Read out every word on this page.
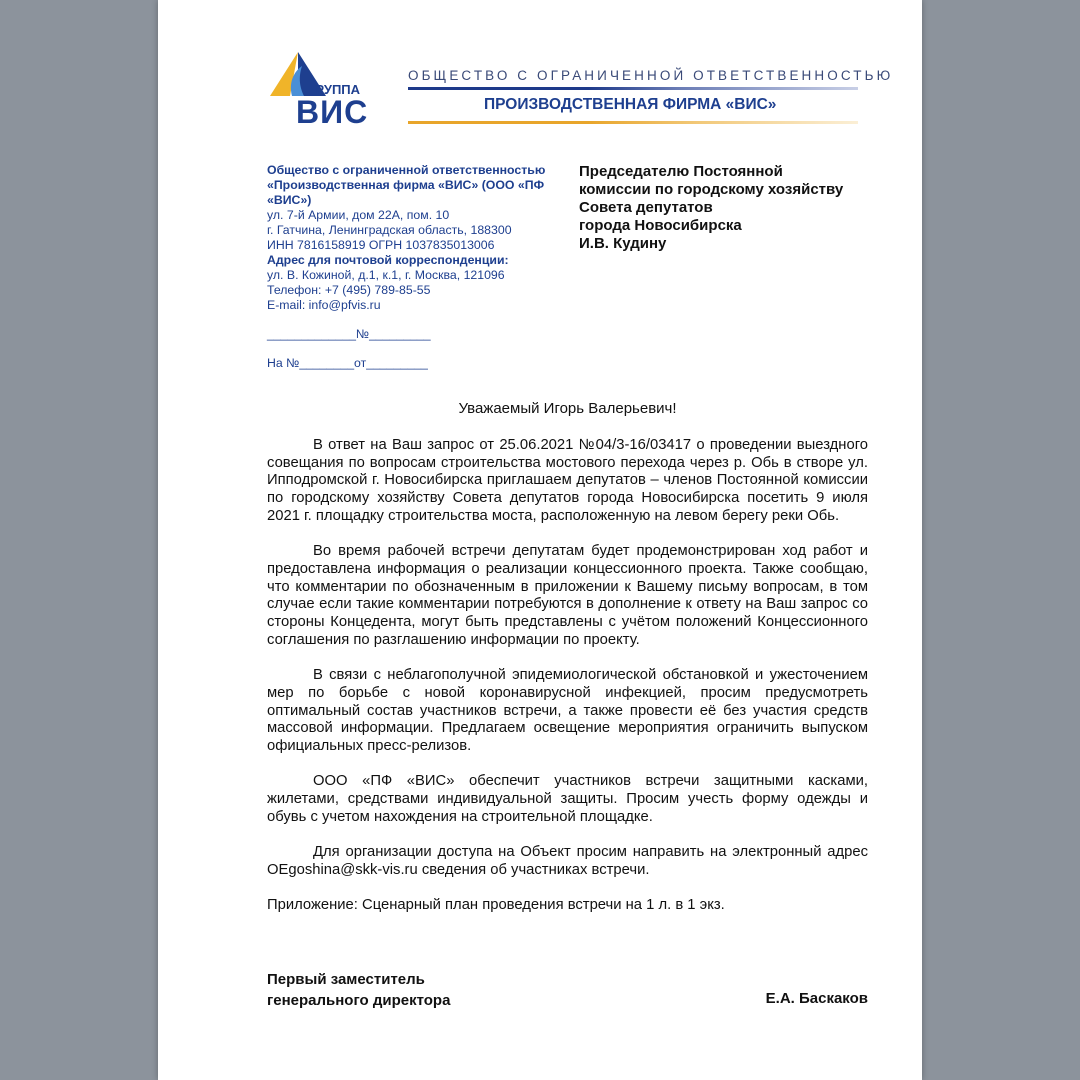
ГРУППА
ВИС
ОБЩЕСТВО С ОГРАНИЧЕННОЙ ОТВЕТСТВЕННОСТЬЮ
ПРОИЗВОДСТВЕННАЯ ФИРМА «ВИС»
Общество с ограниченной ответственностью
«Производственная фирма «ВИС» (ООО «ПФ
«ВИС»)
ул. 7-й Армии, дом 22А, пом. 10
г. Гатчина, Ленинградская область, 188300
ИНН 7816158919 ОГРН 1037835013006
Адрес для почтовой корреспонденции:
ул. В. Кожиной, д.1, к.1, г. Москва, 121096
Телефон: +7 (495) 789-85-55
E-mail: info@pfvis.ru
_____________№_________
На №________от_________
Председателю Постоянной
комиссии по городскому хозяйству
Совета депутатов
города Новосибирска
И.В. Кудину
Уважаемый Игорь Валерьевич!

В ответ на Ваш запрос от 25.06.2021 №04/3-16/03417 о проведении выездного совещания по вопросам строительства мостового перехода через р. Обь в створе ул. Ипподромской г. Новосибирска приглашаем депутатов – членов Постоянной комиссии по городскому хозяйству Совета депутатов города Новосибирска посетить 9 июля 2021 г. площадку строительства моста, расположенную на левом берегу реки Обь.

Во время рабочей встречи депутатам будет продемонстрирован ход работ и предоставлена информация о реализации концессионного проекта. Также сообщаю, что комментарии по обозначенным в приложении к Вашему письму вопросам, в том случае если такие комментарии потребуются в дополнение к ответу на Ваш запрос со стороны Концедента, могут быть представлены с учётом положений Концессионного соглашения по разглашению информации по проекту.

В связи с неблагополучной эпидемиологической обстановкой и ужесточением мер по борьбе с новой коронавирусной инфекцией, просим предусмотреть оптимальный состав участников встречи, а также провести её без участия средств массовой информации. Предлагаем освещение мероприятия ограничить выпуском официальных пресс-релизов.

ООО «ПФ «ВИС» обеспечит участников встречи защитными касками, жилетами, средствами индивидуальной защиты. Просим учесть форму одежды и обувь с учетом нахождения на строительной площадке.

Для организации доступа на Объект просим направить на электронный адрес OEgoshina@skk-vis.ru сведения об участниках встречи.

Приложение: Сценарный план проведения встречи на 1 л. в 1 экз.

Первый заместитель
генерального директора	Е.А. Баскаков
